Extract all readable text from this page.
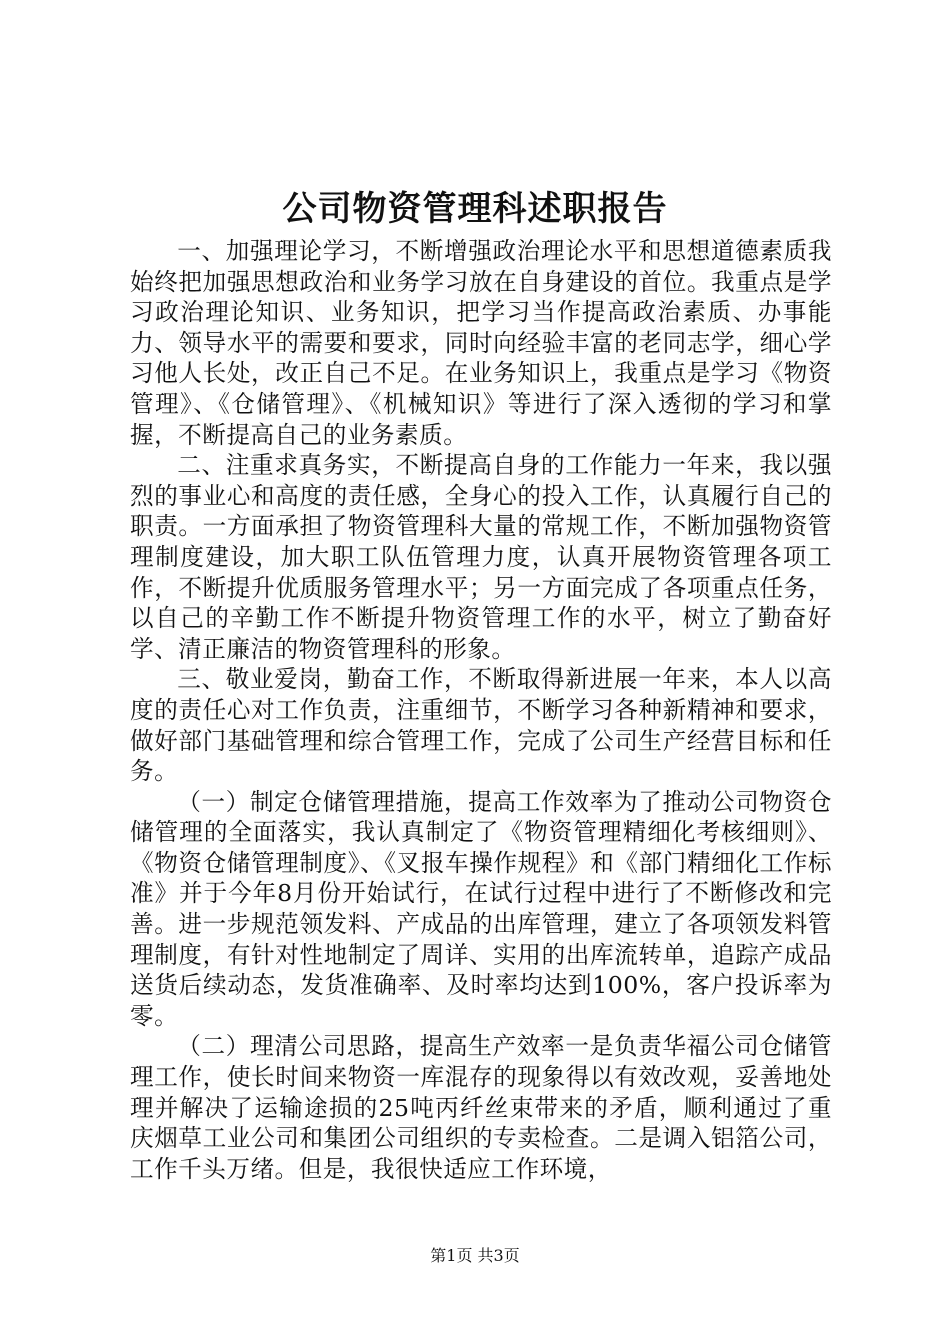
公司物资管理科述职报告

一、加强理论学习，不断增强政治理论水平和思想道德素质我始终把加强思想政治和业务学习放在自身建设的首位。我重点是学习政治理论知识、业务知识，把学习当作提高政治素质、办事能力、领导水平的需要和要求，同时向经验丰富的老同志学，细心学习他人长处，改正自己不足。在业务知识上，我重点是学习《物资管理》、《仓储管理》、《机械知识》等进行了深入透彻的学习和掌握，不断提高自己的业务素质。

二、注重求真务实，不断提高自身的工作能力一年来，我以强烈的事业心和高度的责任感，全身心的投入工作，认真履行自己的职责。一方面承担了物资管理科大量的常规工作，不断加强物资管理制度建设，加大职工队伍管理力度，认真开展物资管理各项工作，不断提升优质服务管理水平；另一方面完成了各项重点任务，以自己的辛勤工作不断提升物资管理工作的水平，树立了勤奋好学、清正廉洁的物资管理科的形象。

三、敬业爱岗，勤奋工作，不断取得新进展一年来，本人以高度的责任心对工作负责，注重细节，不断学习各种新精神和要求，做好部门基础管理和综合管理工作，完成了公司生产经营目标和任务。

（一）制定仓储管理措施，提高工作效率为了推动公司物资仓储管理的全面落实，我认真制定了《物资管理精细化考核细则》、《物资仓储管理制度》、《叉报车操作规程》和《部门精细化工作标准》并于今年8月份开始试行，在试行过程中进行了不断修改和完善。进一步规范领发料、产成品的出库管理，建立了各项领发料管理制度，有针对性地制定了周详、实用的出库流转单，追踪产成品送货后续动态，发货准确率、及时率均达到100%，客户投诉率为零。

（二）理清公司思路，提高生产效率一是负责华福公司仓储管理工作，使长时间来物资一库混存的现象得以有效改观，妥善地处理并解决了运输途损的25吨丙纤丝束带来的矛盾，顺利通过了重庆烟草工业公司和集团公司组织的专卖检查。二是调入铝箔公司，工作千头万绪。但是，我很快适应工作环境，

第1页 共3页
